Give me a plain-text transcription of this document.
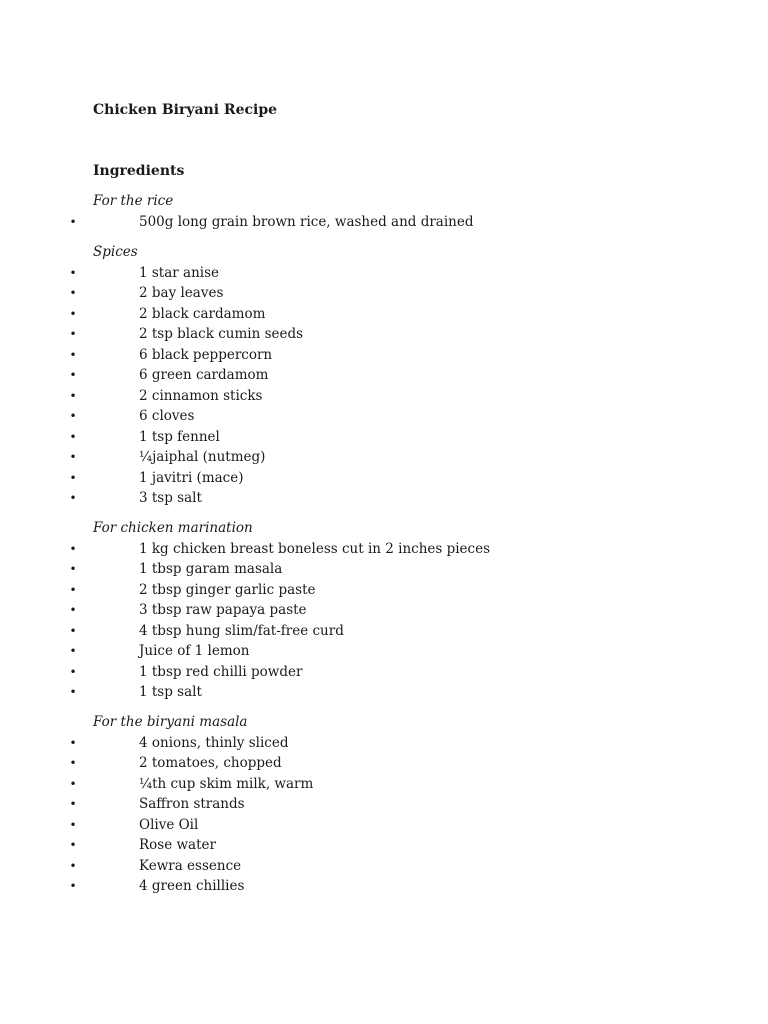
Chicken Biryani Recipe
Ingredients
For the rice
•	500g long grain brown rice, washed and drained
Spices
•	1 star anise
•	2 bay leaves
•	2 black cardamom
•	2 tsp black cumin seeds
•	6 black peppercorn
•	6 green cardamom
•	2 cinnamon sticks
•	6 cloves
•	1 tsp fennel
•	¼jaiphal (nutmeg)
•	1 javitri (mace)
•	3 tsp salt
For chicken marination
•	1 kg chicken breast boneless cut in 2 inches pieces
•	1 tbsp garam masala
•	2 tbsp ginger garlic paste
•	3 tbsp raw papaya paste
•	4 tbsp hung slim/fat-free curd
•	Juice of 1 lemon
•	1 tbsp red chilli powder
•	1 tsp salt
For the biryani masala
•	4 onions, thinly sliced
•	2 tomatoes, chopped
•	¼th cup skim milk, warm
•	Saffron strands
•	Olive Oil
•	Rose water
•	Kewra essence
•	4 green chillies
